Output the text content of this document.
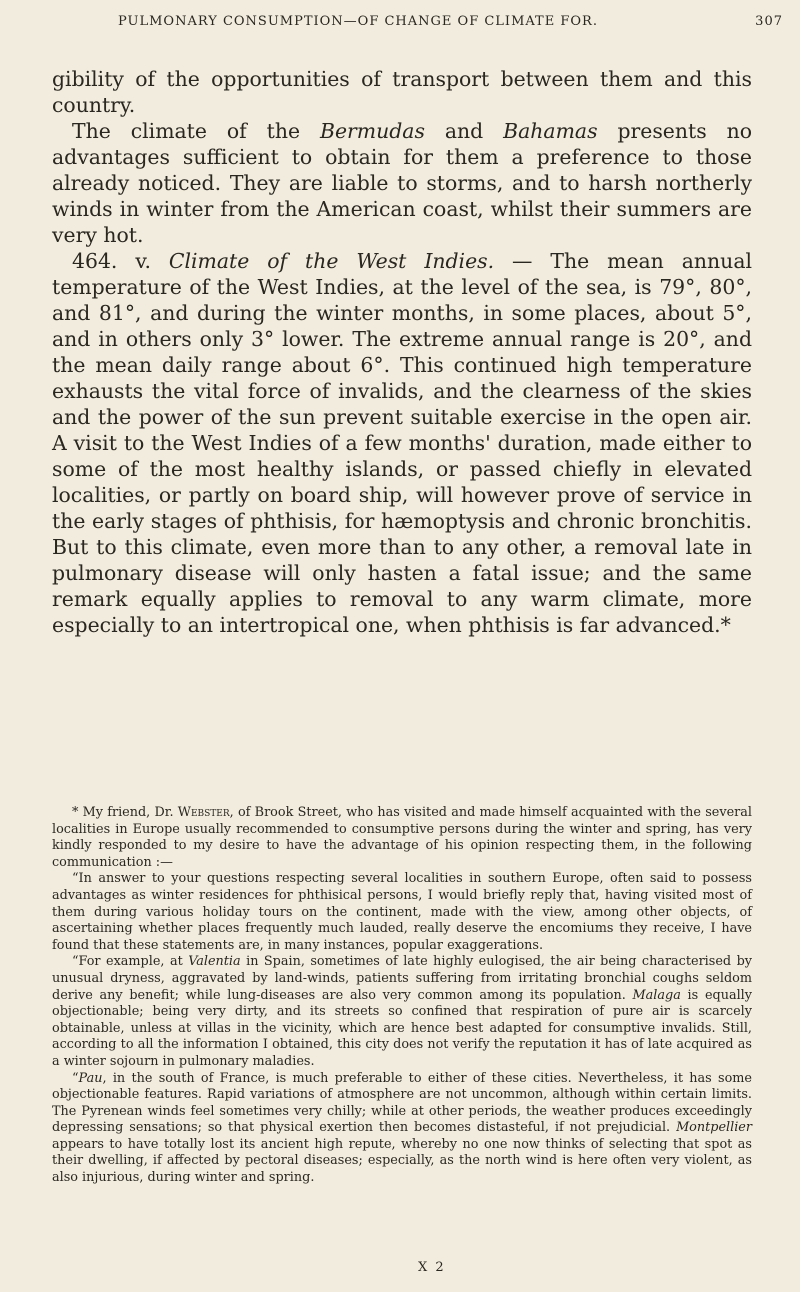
PULMONARY CONSUMPTION—OF CHANGE OF CLIMATE FOR.	307

gibility of the opportunities of transport between them and this country.

The climate of the Bermudas and Bahamas presents no advantages sufficient to obtain for them a preference to those already noticed. They are liable to storms, and to harsh northerly winds in winter from the American coast, whilst their summers are very hot.

464. v. Climate of the West Indies. — The mean annual temperature of the West Indies, at the level of the sea, is 79°, 80°, and 81°, and during the winter months, in some places, about 5°, and in others only 3° lower. The extreme annual range is 20°, and the mean daily range about 6°. This continued high temperature exhausts the vital force of invalids, and the clearness of the skies and the power of the sun prevent suitable exercise in the open air. A visit to the West Indies of a few months' duration, made either to some of the most healthy islands, or passed chiefly in elevated localities, or partly on board ship, will however prove of service in the early stages of phthisis, for hæmoptysis and chronic bronchitis. But to this climate, even more than to any other, a removal late in pulmonary disease will only hasten a fatal issue; and the same remark equally applies to removal to any warm climate, more especially to an intertropical one, when phthisis is far advanced.*

* My friend, Dr. Webster, of Brook Street, who has visited and made himself acquainted with the several localities in Europe usually recommended to consumptive persons during the winter and spring, has very kindly responded to my desire to have the advantage of his opinion respecting them, in the following communication :—

“In answer to your questions respecting several localities in southern Europe, often said to possess advantages as winter residences for phthisical persons, I would briefly reply that, having visited most of them during various holiday tours on the continent, made with the view, among other objects, of ascertaining whether places frequently much lauded, really deserve the encomiums they receive, I have found that these statements are, in many instances, popular exaggerations.

“For example, at Valentia in Spain, sometimes of late highly eulogised, the air being characterised by unusual dryness, aggravated by land-winds, patients suffering from irritating bronchial coughs seldom derive any benefit; while lung-diseases are also very common among its population. Malaga is equally objectionable; being very dirty, and its streets so confined that respiration of pure air is scarcely obtainable, unless at villas in the vicinity, which are hence best adapted for consumptive invalids. Still, according to all the information I obtained, this city does not verify the reputation it has of late acquired as a winter sojourn in pulmonary maladies.

“Pau, in the south of France, is much preferable to either of these cities. Nevertheless, it has some objectionable features. Rapid variations of atmosphere are not uncommon, although within certain limits. The Pyrenean winds feel sometimes very chilly; while at other periods, the weather produces exceedingly depressing sensations; so that physical exertion then becomes distasteful, if not prejudicial. Montpellier appears to have totally lost its ancient high repute, whereby no one now thinks of selecting that spot as their dwelling, if affected by pectoral diseases; especially, as the north wind is here often very violent, as also injurious, during winter and spring.

X 2
